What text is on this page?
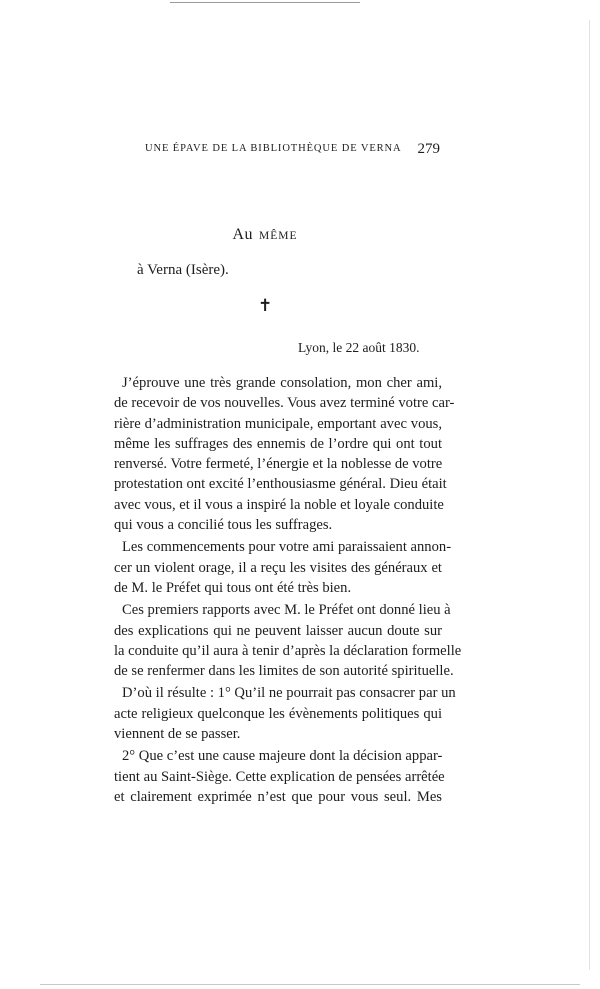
UNE ÉPAVE DE LA BIBLIOTHÈQUE DE VERNA 279
Au MÊME
à Verna (Isère).
✝
Lyon, le 22 août 1830.

J’éprouve une très grande consolation, mon cher ami,
de recevoir de vos nouvelles. Vous avez terminé votre car-
rière d’administration municipale, emportant avec vous,
même les suffrages des ennemis de l’ordre qui ont tout
renversé. Votre fermeté, l’énergie et la noblesse de votre
protestation ont excité l’enthousiasme général. Dieu était
avec vous, et il vous a inspiré la noble et loyale conduite
qui vous a concilié tous les suffrages.

Les commencements pour votre ami paraissaient annon-
cer un violent orage, il a reçu les visites des généraux et
de M. le Préfet qui tous ont été très bien.

Ces premiers rapports avec M. le Préfet ont donné lieu à
des explications qui ne peuvent laisser aucun doute sur
la conduite qu’il aura à tenir d’après la déclaration formelle
de se renfermer dans les limites de son autorité spirituelle.

D’où il résulte : 1° Qu’il ne pourrait pas consacrer par un
acte religieux quelconque les évènements politiques qui
viennent de se passer.

2° Que c’est une cause majeure dont la décision appar-
tient au Saint-Siège. Cette explication de pensées arrêtée
et clairement exprimée n’est que pour vous seul. Mes
